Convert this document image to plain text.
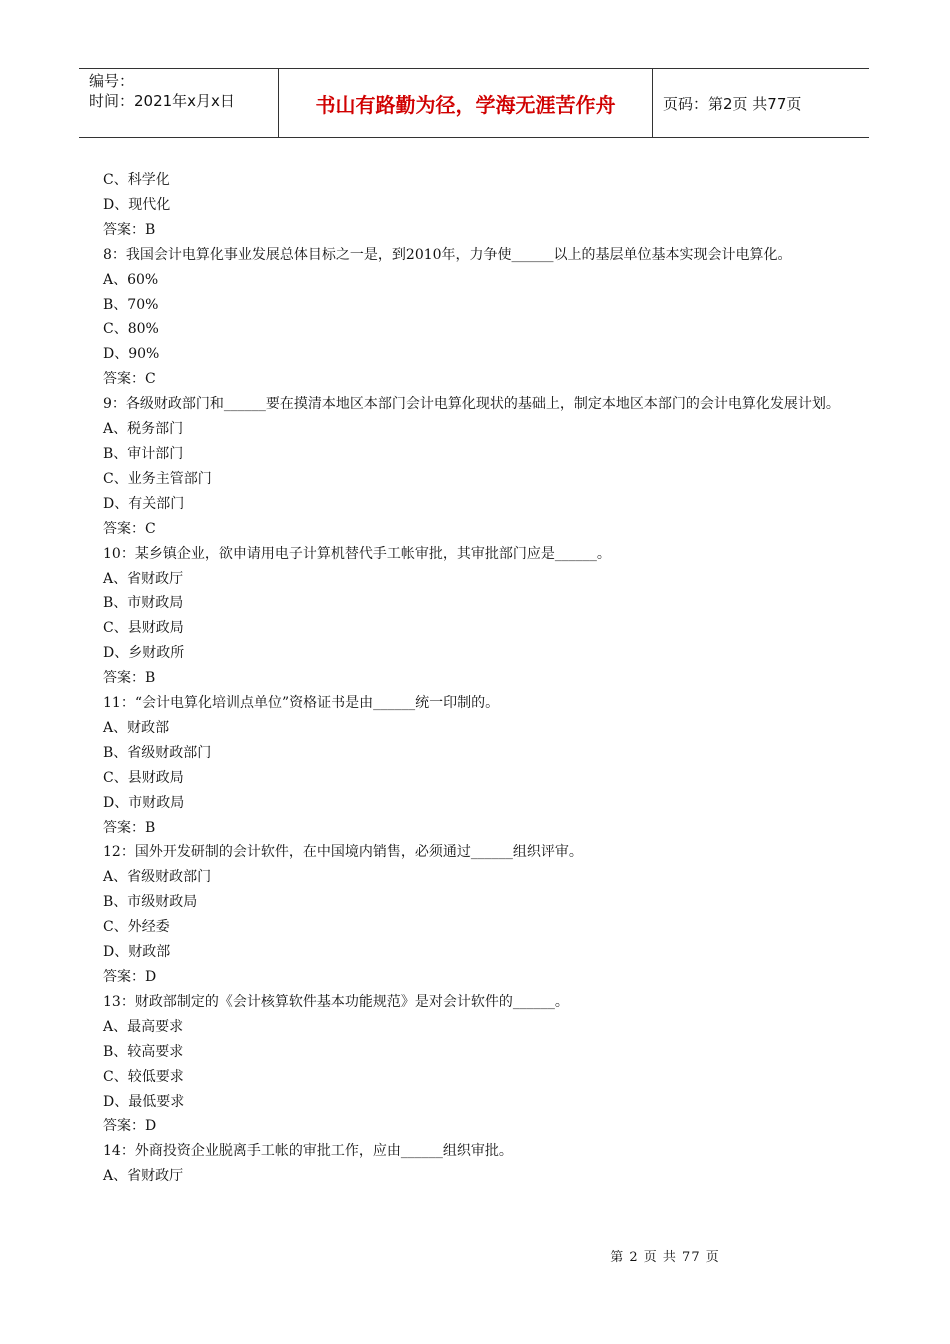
编号：
时间：2021年x月x日	书山有路勤为径，学海无涯苦作舟	页码：第2页 共77页
C、科学化
D、现代化
答案：B
8：我国会计电算化事业发展总体目标之一是，到2010年，力争使______以上的基层单位基本实现会计电算化。
A、60%
B、70%
C、80%
D、90%
答案：C
9：各级财政部门和______要在摸清本地区本部门会计电算化现状的基础上，制定本地区本部门的会计电算化发展计划。
A、税务部门
B、审计部门
C、业务主管部门
D、有关部门
答案：C
10：某乡镇企业，欲申请用电子计算机替代手工帐审批，其审批部门应是______。
A、省财政厅
B、市财政局
C、县财政局
D、乡财政所
答案：B
11：“会计电算化培训点单位”资格证书是由______统一印制的。
A、财政部
B、省级财政部门
C、县财政局
D、市财政局
答案：B
12：国外开发研制的会计软件，在中国境内销售，必须通过______组织评审。
A、省级财政部门
B、市级财政局
C、外经委
D、财政部
答案：D
13：财政部制定的《会计核算软件基本功能规范》是对会计软件的______。
A、最高要求
B、较高要求
C、较低要求
D、最低要求
答案：D
14：外商投资企业脱离手工帐的审批工作，应由______组织审批。
A、省财政厅
第 2 页 共 77 页
